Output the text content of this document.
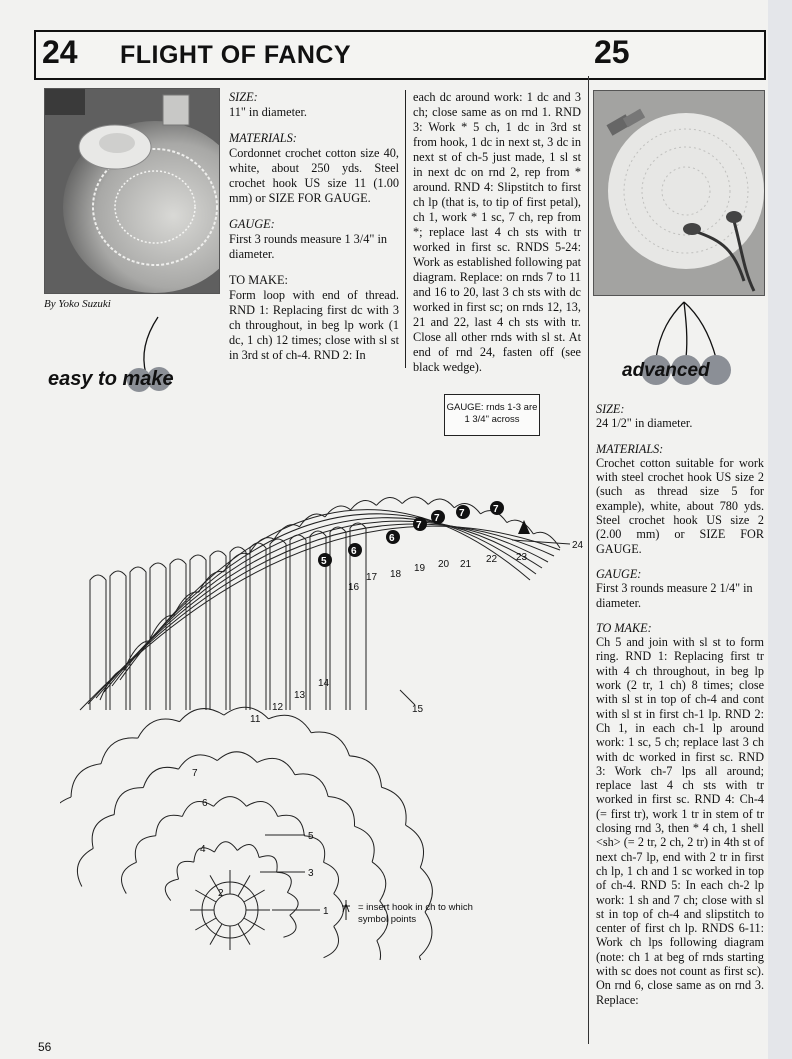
24 FLIGHT OF FANCY	25
By Yoko Suzuki

SIZE:

11" in diameter.

MATERIALS:

Cordonnet crochet cotton size 40, white, about 250 yds. Steel crochet hook US size 11 (1.00 mm) or SIZE FOR GAUGE.

GAUGE:

First 3 rounds measure 1 3/4" in diameter.

TO MAKE:

Form loop with end of thread. RND 1: Replacing first dc with 3 ch throughout, in beg lp work (1 dc, 1 ch) 12 times; close with sl st in 3rd st of ch-4. RND 2: In

each dc around work: 1 dc and 3 ch; close same as on rnd 1. RND 3: Work * 5 ch, 1 dc in 3rd st from hook, 1 dc in next st, 3 dc in next st of ch-5 just made, 1 sl st in next dc on rnd 2, rep from * around. RND 4: Slipstitch to first ch lp (that is, to tip of first petal), ch 1, work * 1 sc, 7 ch, rep from *; replace last 4 ch sts with tr worked in first sc. RNDS 5-24: Work as established following pat diagram. Replace: on rnds 7 to 11 and 16 to 20, last 3 ch sts with dc worked in first sc; on rnds 12, 13, 21 and 22, last 4 ch sts with tr. Close all other rnds with sl st. At end of rnd 24, fasten off (see black wedge).

easy to make
GAUGE: rnds 1-3 are 1 3/4" across
1
3
5
15
24
5
6
6
7
7 7	7
16
17 18
19 20 21 22 23
11
12
13
14
2
4
6
7
= insert hook in ch to which symbol points
advanced

SIZE:

24 1/2" in diameter.

MATERIALS:

Crochet cotton suitable for work with steel crochet hook US size 2 (such as thread size 5 for example), white, about 780 yds. Steel crochet hook US size 2 (2.00 mm) or SIZE FOR GAUGE.

GAUGE:

First 3 rounds measure 2 1/4" in diameter.

TO MAKE:

Ch 5 and join with sl st to form ring. RND 1: Replacing first tr with 4 ch throughout, in beg lp work (2 tr, 1 ch) 8 times; close with sl st in top of ch-4 and cont with sl st in first ch-1 lp. RND 2: Ch 1, in each ch-1 lp around work: 1 sc, 5 ch; replace last 3 ch with dc worked in first sc. RND 3: Work ch-7 lps all around; replace last 4 ch sts with tr worked in first sc. RND 4: Ch-4 (= first tr), work 1 tr in stem of tr closing rnd 3, then * 4 ch, 1 shell <sh> (= 2 tr, 2 ch, 2 tr) in 4th st of next ch-7 lp, end with 2 tr in first ch lp, 1 ch and 1 sc worked in top of ch-4. RND 5: In each ch-2 lp work: 1 sh and 7 ch; close with sl st in top of ch-4 and slipstitch to center of first ch lp. RNDS 6-11: Work ch lps following diagram (note: ch 1 at beg of rnds starting with sc does not count as first sc). On rnd 6, close same as on rnd 3. Replace:

56
